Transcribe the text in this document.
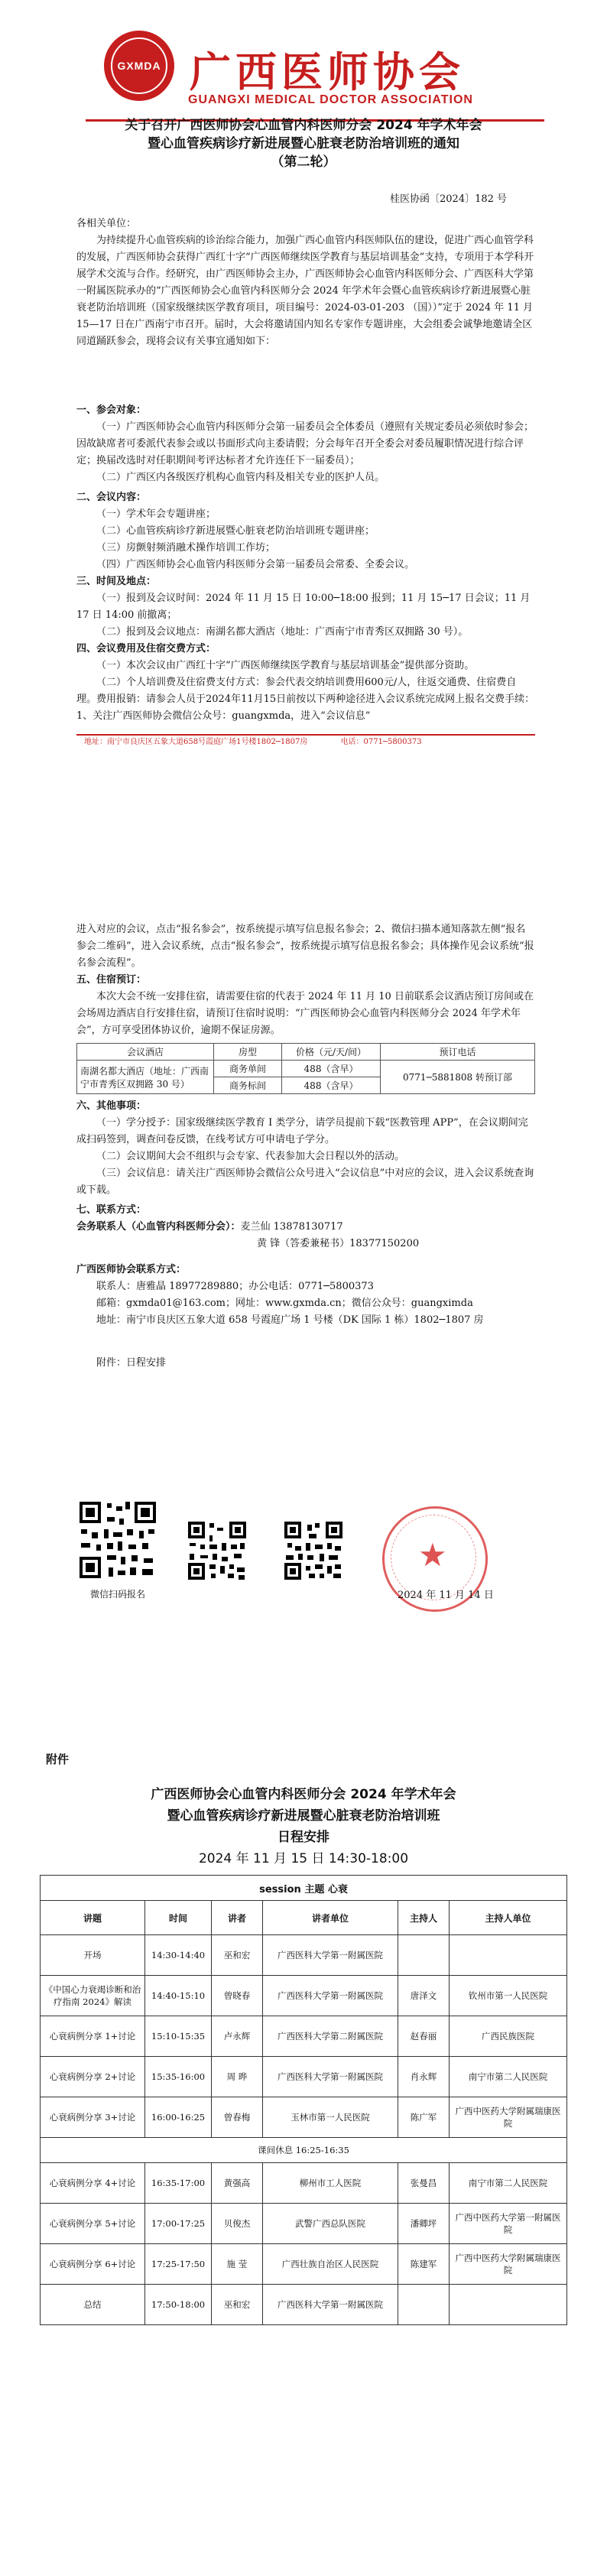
GXMDA 广西医师协会
GUANGXI MEDICAL DOCTOR ASSOCIATION
关于召开广西医师协会心血管内科医师分会 2024 年学术年会
暨心血管疾病诊疗新进展暨心脏衰老防治培训班的通知
（第二轮）
桂医协函〔2024〕182 号
各相关单位：
为持续提升心血管疾病的诊治综合能力，加强广西心血管内科医师队伍的建设，促进广西心血管学科的发展，广西医师协会获得广西红十字“广西医师继续医学教育与基层培训基金”支持，专项用于本学科开展学术交流与合作。经研究，由广西医师协会主办，广西医师协会心血管内科医师分会、广西医科大学第一附属医院承办的“广西医师协会心血管内科医师分会 2024 年学术年会暨心血管疾病诊疗新进展暨心脏衰老防治培训班（国家级继续医学教育项目，项目编号：2024-03-01-203 （国））”定于 2024 年 11 月 15—17 日在广西南宁市召开。届时，大会将邀请国内知名专家作专题讲座，大会组委会诚挚地邀请全区同道踊跃参会，现将会议有关事宜通知如下：
一、参会对象：
（一）广西医师协会心血管内科医师分会第一届委员会全体委员（遵照有关规定委员必须依时参会；因故缺席者可委派代表参会或以书面形式向主委请假；分会每年召开全委会对委员履职情况进行综合评定；换届改选时对任职期间考评达标者才允许连任下一届委员）；
（二）广西区内各级医疗机构心血管内科及相关专业的医护人员。
二、会议内容：
（一）学术年会专题讲座；
（二）心血管疾病诊疗新进展暨心脏衰老防治培训班专题讲座；
（三）房颤射频消融术操作培训工作坊；
（四）广西医师协会心血管内科医师分会第一届委员会常委、全委会议。
三、时间及地点：
（一）报到及会议时间：2024 年 11 月 15 日 10:00─18:00 报到；11 月 15─17 日会议；11 月 17 日 14:00 前撤离；
（二）报到及会议地点：南湖名都大酒店（地址：广西南宁市青秀区双拥路 30 号）。
四、会议费用及住宿交费方式：
（一）本次会议由广西红十字“广西医师继续医学教育与基层培训基金”提供部分资助。
（二）个人培训费及住宿费支付方式：参会代表交纳培训费用600元/人，往返交通费、住宿费自理。费用报销：请参会人员于2024年11月15日前按以下两种途径进入会议系统完成网上报名交费手续：1、关注广西医师协会微信公众号：guangxmda，进入“会议信息”
地址：南宁市良庆区五象大道658号霞庭广场1号楼1802─1807房	电话：0771─5800373
进入对应的会议，点击“报名参会”，按系统提示填写信息报名参会；2、微信扫描本通知落款左侧“报名参会二维码”，进入会议系统，点击“报名参会”，按系统提示填写信息报名参会；具体操作见会议系统“报名参会流程”。
五、住宿预订：
本次大会不统一安排住宿，请需要住宿的代表于 2024 年 11 月 10 日前联系会议酒店预订房间或在会场周边酒店自行安排住宿，请预订住宿时说明：“广西医师协会心血管内科医师分会 2024 年学术年会”，方可享受团体协议价，逾期不保证房源。
会议酒店	房型	价格（元/天/间）	预订电话
南湖名都大酒店（地址：广西南宁市青秀区双拥路 30 号）	商务单间	488（含早）	0771─5881808 转预订部
	商务标间	488（含早）	
六、其他事项：
（一）学分授予：国家级继续医学教育 I 类学分，请学员提前下载“医教管理 APP”，在会议期间完成扫码签到，调查问卷反馈，在线考试方可申请电子学分。
（二）会议期间大会不组织与会专家、代表参加大会日程以外的活动。
（三）会议信息：请关注广西医师协会微信公众号进入“会议信息”中对应的会议，进入会议系统查询或下载。
七、联系方式：
会务联系人（心血管内科医师分会）：麦兰仙 13878130717
黄 锋（答委兼秘书）18377150200
广西医师协会联系方式：
联系人：唐雅晶 18977289880；办公电话：0771─5800373
邮箱：gxmda01@163.com；网址：www.gxmda.cn；微信公众号：guangximda
地址：南宁市良庆区五象大道 658 号霞庭广场 1 号楼（DK 国际 1 栋）1802─1807 房
附件：日程安排
微信扫码报名
★
2024 年 11 月 14 日
附件
广西医师协会心血管内科医师分会 2024 年学术年会
暨心血管疾病诊疗新进展暨心脏衰老防治培训班
日程安排
2024 年 11 月 15 日 14:30-18:00
session 主题 心衰					
讲题	时间	讲者	讲者单位	主持人	主持人单位
开场	14:30-14:40	巫和宏	广西医科大学第一附属医院		
《中国心力衰竭诊断和治疗指南 2024》解读	14:40-15:10	曾晓春	广西医科大学第一附属医院	唐泽文	钦州市第一人民医院
心衰病例分享 1+讨论	15:10-15:35	卢永辉	广西医科大学第二附属医院	赵春丽	广西民族医院
心衰病例分享 2+讨论	15:35-16:00	周 晔	广西医科大学第一附属医院	肖永辉	南宁市第二人民医院
心衰病例分享 3+讨论	16:00-16:25	曾春梅	玉林市第一人民医院	陈广军	广西中医药大学附属瑞康医院
课间休息 16:25-16:35					
心衰病例分享 4+讨论	16:35-17:00	黄强高	柳州市工人医院	张曼昌	南宁市第二人民医院
心衰病例分享 5+讨论	17:00-17:25	贝俊杰	武警广西总队医院	潘卿坪	广西中医药大学第一附属医院
心衰病例分享 6+讨论	17:25-17:50	施 莹	广西壮族自治区人民医院	陈建军	广西中医药大学附属瑞康医院
总结	17:50-18:00	巫和宏	广西医科大学第一附属医院		
